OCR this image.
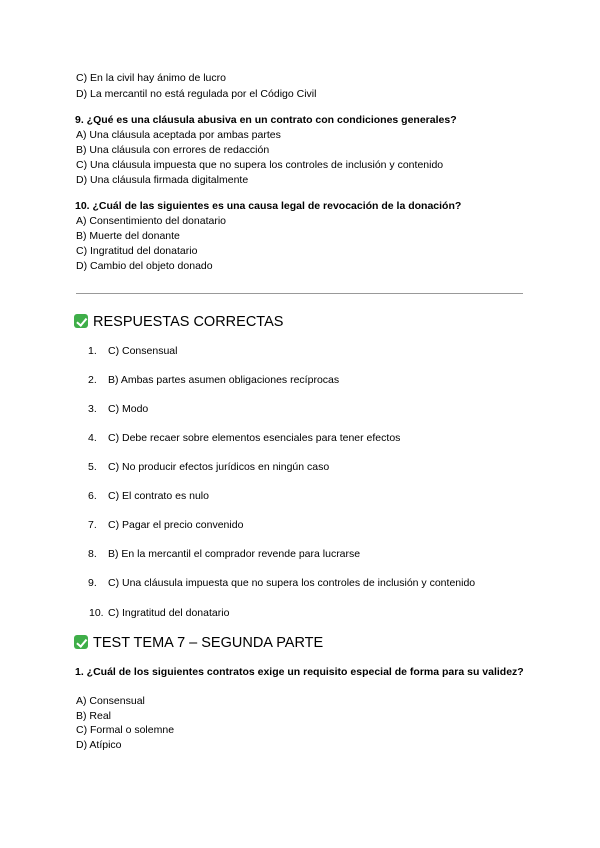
C) En la civil hay ánimo de lucro
D) La mercantil no está regulada por el Código Civil
9. ¿Qué es una cláusula abusiva en un contrato con condiciones generales?
A) Una cláusula aceptada por ambas partes
B) Una cláusula con errores de redacción
C) Una cláusula impuesta que no supera los controles de inclusión y contenido
D) Una cláusula firmada digitalmente
10. ¿Cuál de las siguientes es una causa legal de revocación de la donación?
A) Consentimiento del donatario
B) Muerte del donante
C) Ingratitud del donatario
D) Cambio del objeto donado
RESPUESTAS CORRECTAS
1. C) Consensual
2. B) Ambas partes asumen obligaciones recíprocas
3. C) Modo
4. C) Debe recaer sobre elementos esenciales para tener efectos
5. C) No producir efectos jurídicos en ningún caso
6. C) El contrato es nulo
7. C) Pagar el precio convenido
8. B) En la mercantil el comprador revende para lucrarse
9. C) Una cláusula impuesta que no supera los controles de inclusión y contenido
10. C) Ingratitud del donatario
TEST TEMA 7 – SEGUNDA PARTE
1. ¿Cuál de los siguientes contratos exige un requisito especial de forma para su validez?
A) Consensual
B) Real
C) Formal o solemne
D) Atípico
